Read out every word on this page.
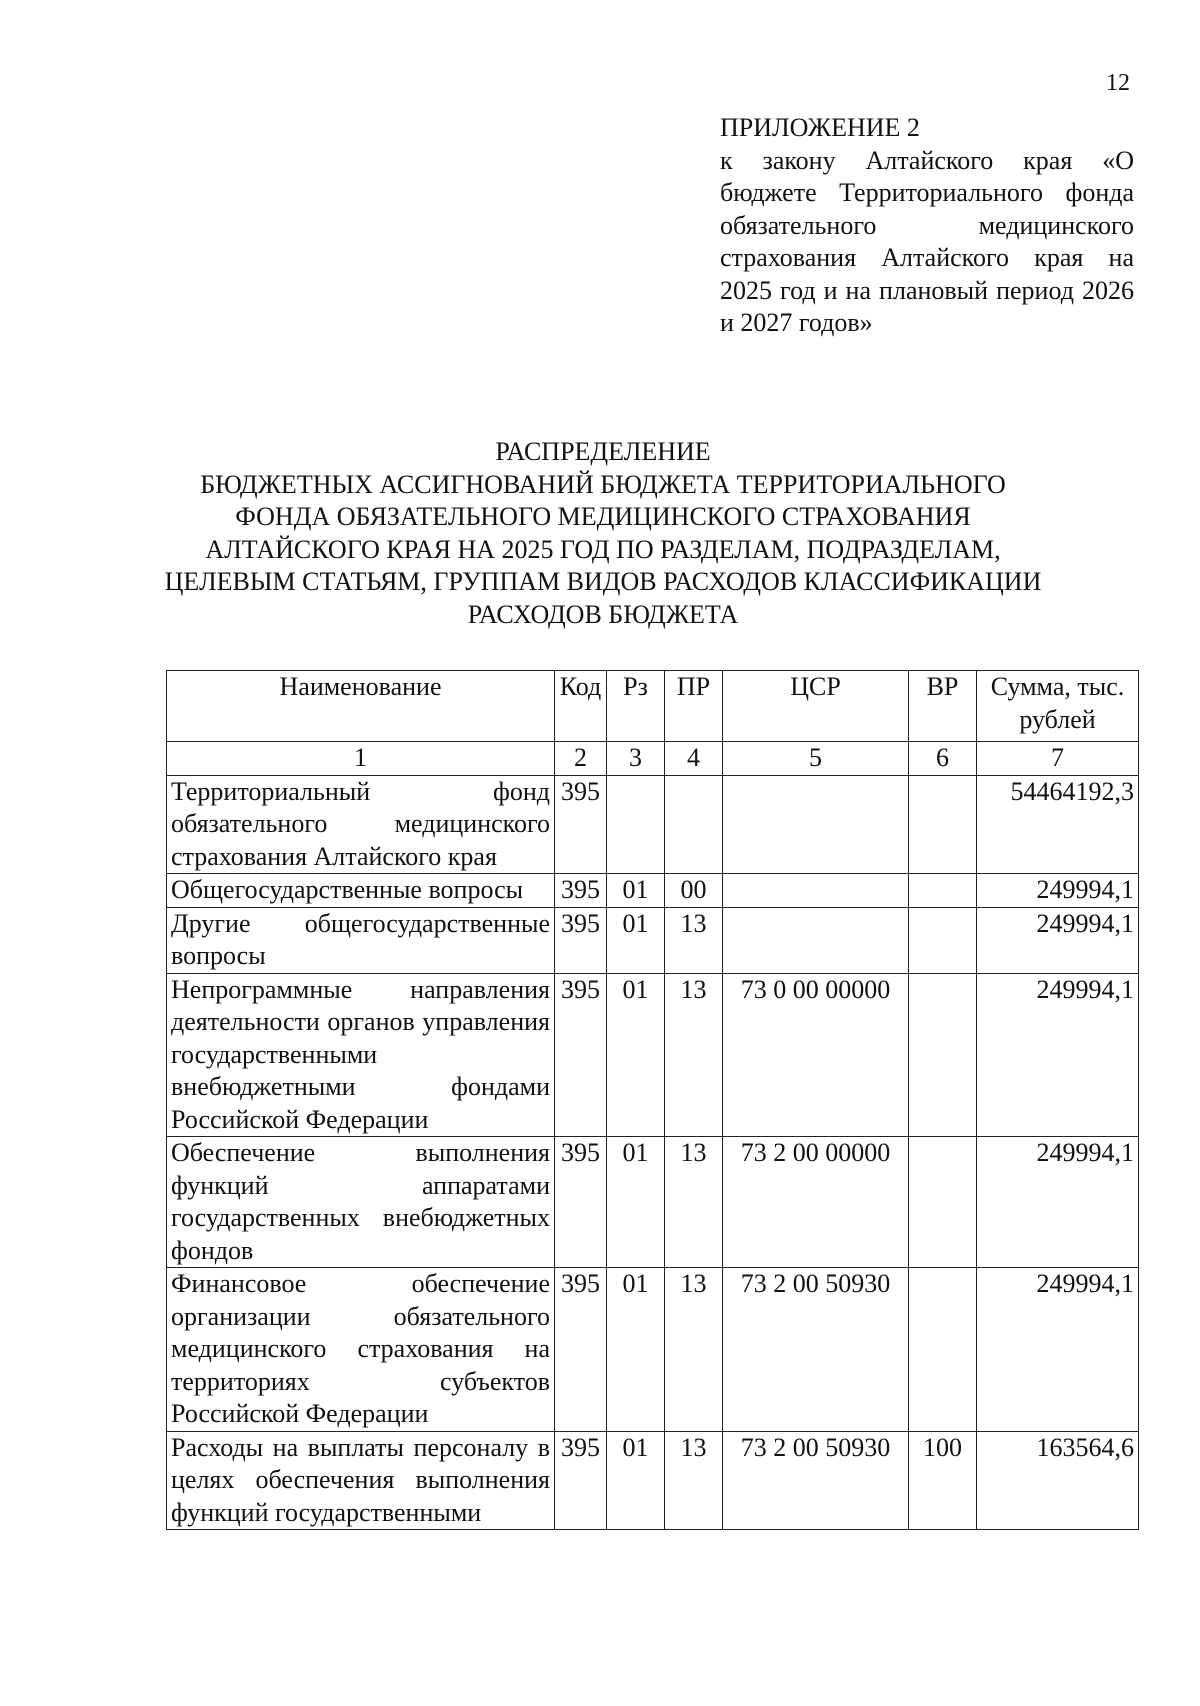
12
ПРИЛОЖЕНИЕ 2
к закону Алтайского края «О бюджете Территориального фонда обязательного медицинского страхования Алтайского края на 2025 год и на плановый период 2026 и 2027 годов»
РАСПРЕДЕЛЕНИЕ
БЮДЖЕТНЫХ АССИГНОВАНИЙ БЮДЖЕТА ТЕРРИТОРИАЛЬНОГО
ФОНДА ОБЯЗАТЕЛЬНОГО МЕДИЦИНСКОГО СТРАХОВАНИЯ
АЛТАЙСКОГО КРАЯ НА 2025 ГОД ПО РАЗДЕЛАМ, ПОДРАЗДЕЛАМ,
ЦЕЛЕВЫМ СТАТЬЯМ, ГРУППАМ ВИДОВ РАСХОДОВ КЛАССИФИКАЦИИ
РАСХОДОВ БЮДЖЕТА
Наименование	Код	Рз	ПР	ЦСР	ВР	Сумма, тыс. рублей
1	2	3	4	5	6	7
Территориальный фонд обязательного медицинского страхования Алтайского края	395					54464192,3
Общегосударственные вопросы	395	01	00			249994,1
Другие общегосударственные вопросы	395	01	13			249994,1
Непрограммные направления деятельности органов управления государственными внебюджетными фондами Российской Федерации	395	01	13	73 0 00 00000		249994,1
Обеспечение выполнения функций аппаратами государственных внебюджетных фондов	395	01	13	73 2 00 00000		249994,1
Финансовое обеспечение организации обязательного медицинского страхования на территориях субъектов Российской Федерации	395	01	13	73 2 00 50930		249994,1
Расходы на выплаты персоналу в целях обеспечения выполнения функций государственными	395	01	13	73 2 00 50930	100	163564,6
